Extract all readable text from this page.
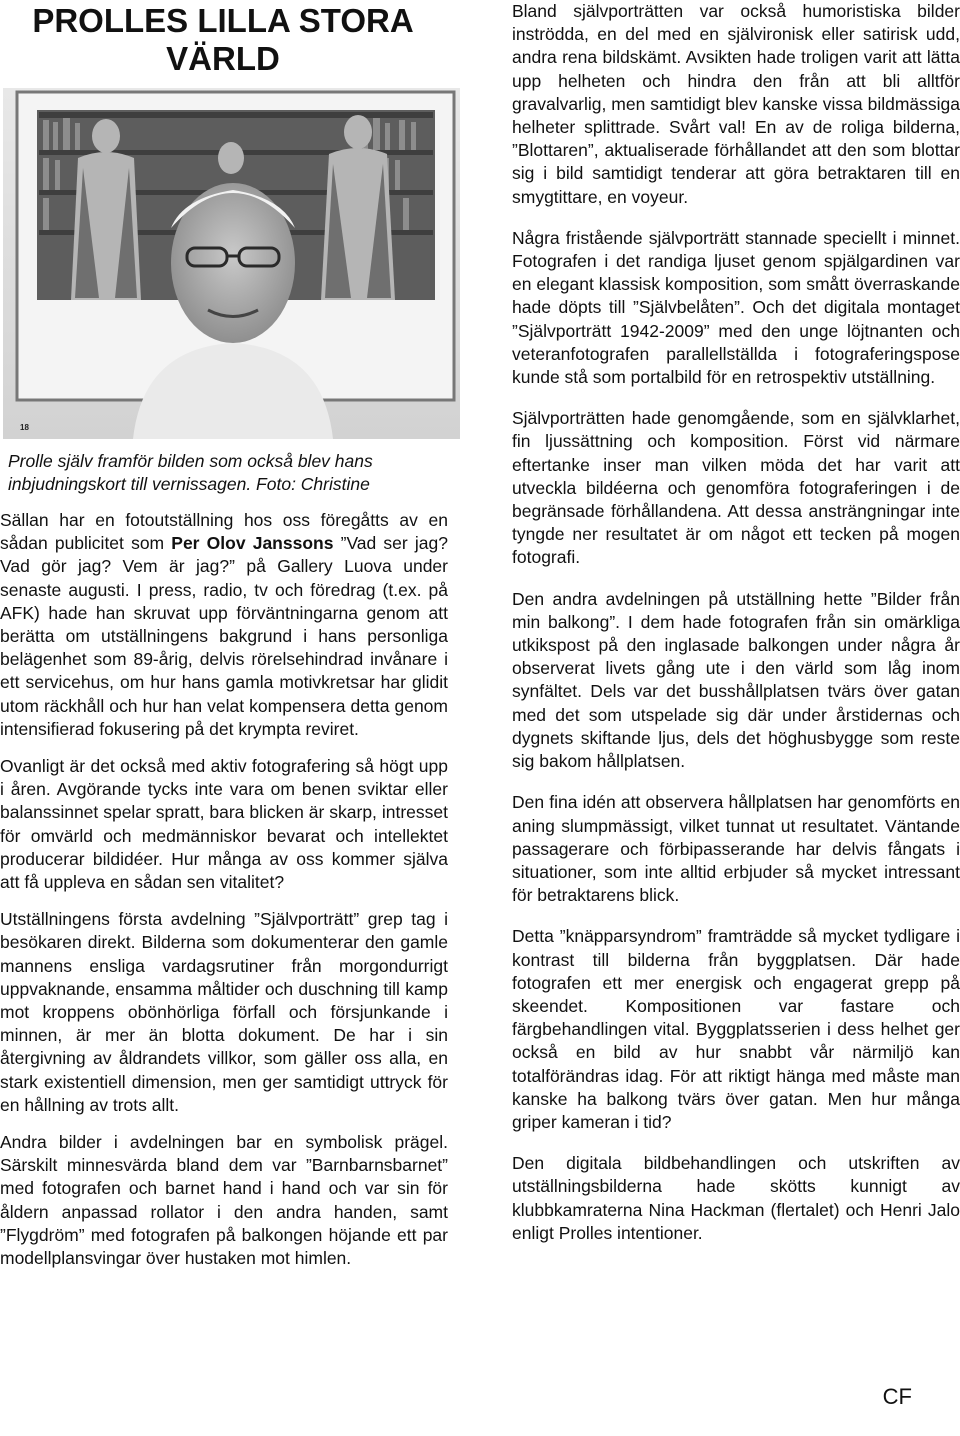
PROLLES LILLA STORA VÄRLD
18
Prolle själv framför bilden som också blev hans inbjudningskort till vernissagen. Foto: Christine

Sällan har en fotoutställning hos oss föregåtts av en sådan publicitet som Per Olov Janssons ”Vad ser jag? Vad gör jag? Vem är jag?” på Gallery Luova under senaste augusti. I press, radio, tv och föredrag (t.ex. på AFK) hade han skruvat upp förväntningarna genom att berätta om utställningens bakgrund i hans personliga belägenhet som 89-årig, delvis rörelsehindrad invånare i ett servicehus, om hur hans gamla motivkretsar har glidit utom räckhåll och hur han velat kompensera detta genom intensifierad fokusering på det krympta reviret.

Ovanligt är det också med aktiv fotografering så högt upp i åren. Avgörande tycks inte vara om benen sviktar eller balanssinnet spelar spratt, bara blicken är skarp, intresset för omvärld och medmänniskor bevarat och intellektet producerar bildidéer. Hur många av oss kommer själva att få uppleva en sådan sen vitalitet?

Utställningens första avdelning ”Självporträtt” grep tag i besökaren direkt. Bilderna som dokumenterar den gamle mannens ensliga vardagsrutiner från morgondurrigt uppvaknande, ensamma måltider och duschning till kamp mot kroppens obönhörliga förfall och försjunkande i minnen, är mer än blotta dokument. De har i sin återgivning av åldrandets villkor, som gäller oss alla, en stark existentiell dimension, men ger samtidigt uttryck för en hållning av trots allt.

Andra bilder i avdelningen bar en symbolisk prägel. Särskilt minnesvärda bland dem var ”Barnbarnsbarnet” med fotografen och barnet hand i hand och var sin för åldern anpassad rollator i den andra handen, samt ”Flygdröm” med fotografen på balkongen höjande ett par modellplansvingar över hustaken mot himlen.

Bland självporträtten var också humoristiska bilder inströdda, en del med en självironisk eller satirisk udd, andra rena bildskämt. Avsikten hade troligen varit att lätta upp helheten och hindra den från att bli alltför gravalvarlig, men samtidigt blev kanske vissa bildmässiga helheter splittrade. Svårt val! En av de roliga bilderna, ”Blottaren”, aktualiserade förhållandet att den som blottar sig i bild samtidigt tenderar att göra betraktaren till en smygtittare, en voyeur.

Några fristående självporträtt stannade speciellt i minnet. Fotografen i det randiga ljuset genom spjälgardinen var en elegant klassisk komposition, som smått överraskande hade döpts till ”Självbelåten”. Och det digitala montaget ”Självporträtt 1942-2009” med den unge löjtnanten och veteranfotografen parallellställda i fotograferingspose kunde stå som portalbild för en retrospektiv utställning.

Självporträtten hade genomgående, som en självklarhet, fin ljussättning och komposition. Först vid närmare eftertanke inser man vilken möda det har varit att utveckla bildéerna och genomföra fotograferingen i de begränsade förhållandena. Att dessa ansträngningar inte tyngde ner resultatet är om något ett tecken på mogen fotografi.

Den andra avdelningen på utställning hette ”Bilder från min balkong”. I dem hade fotografen från sin omärkliga utkikspost på den inglasade balkongen under några år observerat livets gång ute i den värld som låg inom synfältet. Dels var det busshållplatsen tvärs över gatan med det som utspelade sig där under årstidernas och dygnets skiftande ljus, dels det höghusbygge som reste sig bakom hållplatsen.

Den fina idén att observera hållplatsen har genomförts en aning slumpmässigt, vilket tunnat ut resultatet. Väntande passagerare och förbipasserande har delvis fångats i situationer, som inte alltid erbjuder så mycket intressant för betraktarens blick.

Detta ”knäpparsyndrom” framträdde så mycket tydligare i kontrast till bilderna från byggplatsen. Där hade fotografen ett mer energisk och engagerat grepp på skeendet. Kompositionen var fastare och färgbehandlingen vital. Byggplatsserien i dess helhet ger också en bild av hur snabbt vår närmiljö kan totalförändras idag. För att riktigt hänga med måste man kanske ha balkong tvärs över gatan. Men hur många griper kameran i tid?

Den digitala bildbehandlingen och utskriften av utställningsbilderna hade skötts kunnigt av klubbkamraterna Nina Hackman (flertalet) och Henri Jalo enligt Prolles intentioner.

CF
